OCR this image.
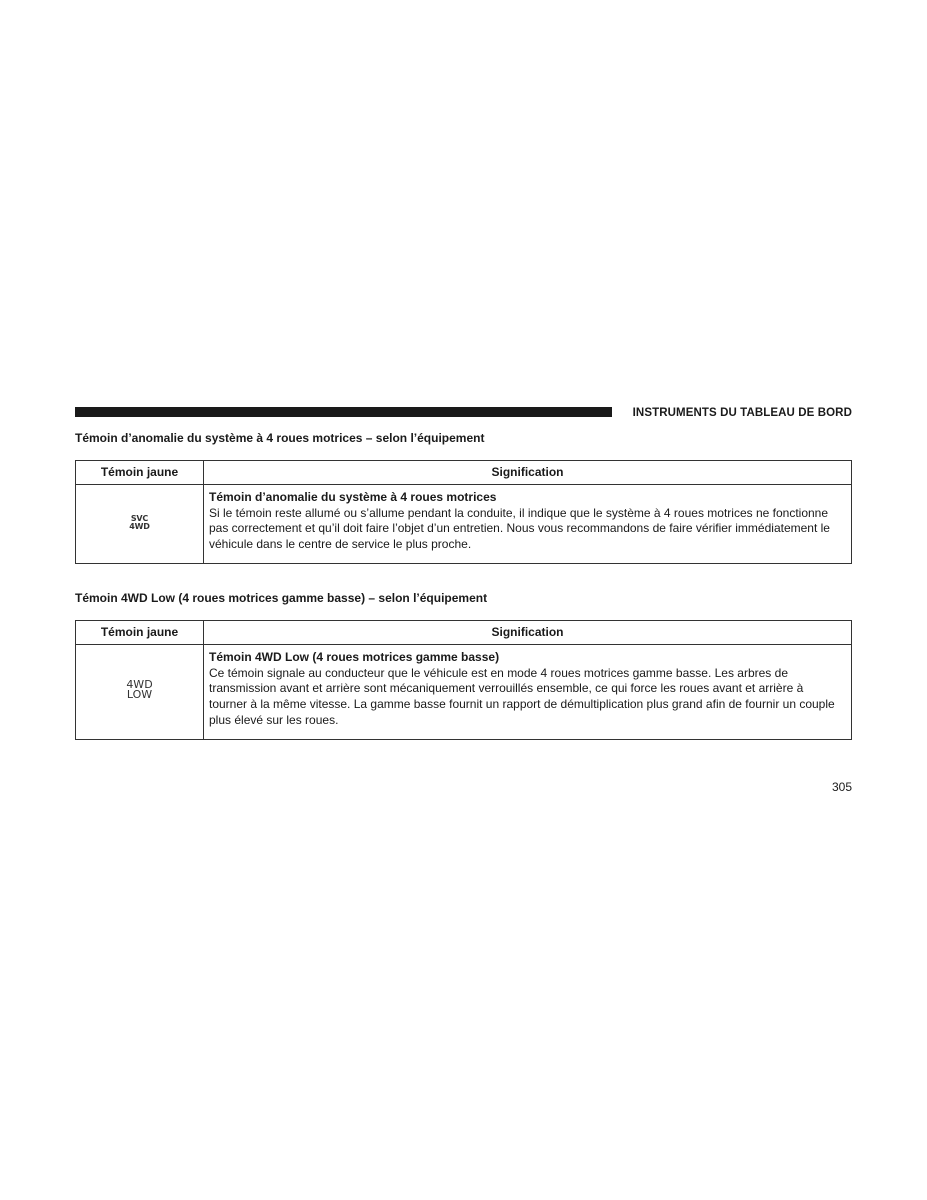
INSTRUMENTS DU TABLEAU DE BORD
Témoin d’anomalie du système à 4 roues motrices – selon l’équipement
Témoin jaune	Signification

SVC
4WD	Témoin d’anomalie du système à 4 roues motrices
Si le témoin reste allumé ou s’allume pendant la conduite, il indique que le système à 4 roues motrices ne fonctionne pas correctement et qu’il doit faire l’objet d’un entretien. Nous vous recommandons de faire vérifier immédiatement le véhicule dans le centre de service le plus proche.
Témoin 4WD Low (4 roues motrices gamme basse) – selon l’équipement
Témoin jaune	Signification

4WD
LOW	Témoin 4WD Low (4 roues motrices gamme basse)
Ce témoin signale au conducteur que le véhicule est en mode 4 roues motrices gamme basse. Les arbres de transmission avant et arrière sont mécaniquement verrouillés ensemble, ce qui force les roues avant et arrière à tourner à la même vitesse. La gamme basse fournit un rapport de démultiplication plus grand afin de fournir un couple plus élevé sur les roues.
305
